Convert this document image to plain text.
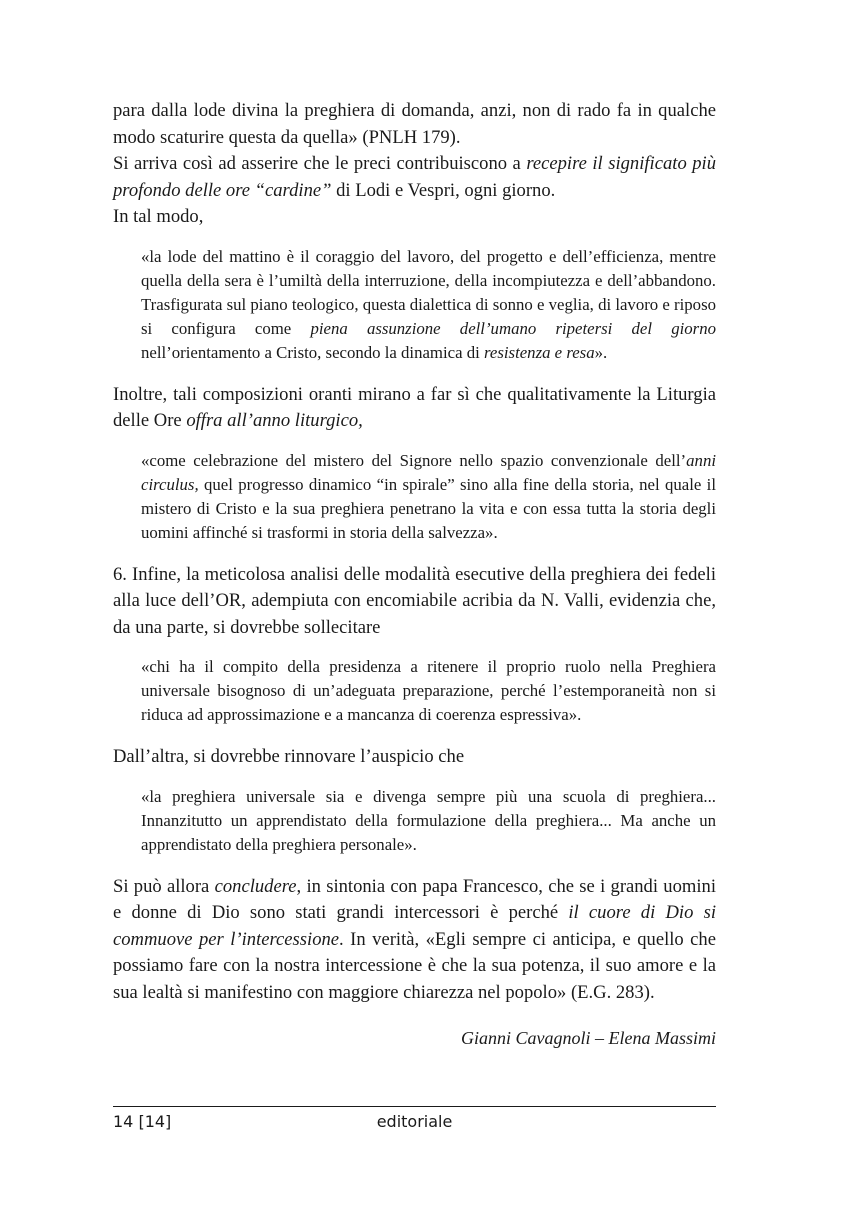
para dalla lode divina la preghiera di domanda, anzi, non di rado fa in qualche modo scaturire questa da quella» (PNLH 179).

Si arriva così ad asserire che le preci contribuiscono a recepire il significato più profondo delle ore “cardine” di Lodi e Vespri, ogni giorno.

In tal modo,

«la lode del mattino è il coraggio del lavoro, del progetto e dell’efficienza, mentre quella della sera è l’umiltà della interruzione, della incompiutezza e dell’abbandono. Trasfigurata sul piano teologico, questa dialettica di sonno e veglia, di lavoro e riposo si configura come piena assunzione dell’umano ripetersi del giorno nell’orientamento a Cristo, secondo la dinamica di resistenza e resa».

Inoltre, tali composizioni oranti mirano a far sì che qualitativamente la Liturgia delle Ore offra all’anno liturgico,

«come celebrazione del mistero del Signore nello spazio convenzionale dell’anni circulus, quel progresso dinamico “in spirale” sino alla fine della storia, nel quale il mistero di Cristo e la sua preghiera penetrano la vita e con essa tutta la storia degli uomini affinché si trasformi in storia della salvezza».

6. Infine, la meticolosa analisi delle modalità esecutive della preghiera dei fedeli alla luce dell’OR, adempiuta con encomiabile acribia da N. Valli, evidenzia che, da una parte, si dovrebbe sollecitare

«chi ha il compito della presidenza a ritenere il proprio ruolo nella Preghiera universale bisognoso di un’adeguata preparazione, perché l’estemporaneità non si riduca ad approssimazione e a mancanza di coerenza espressiva».

Dall’altra, si dovrebbe rinnovare l’auspicio che

«la preghiera universale sia e divenga sempre più una scuola di preghiera... Innanzitutto un apprendistato della formulazione della preghiera... Ma anche un apprendistato della preghiera personale».

Si può allora concludere, in sintonia con papa Francesco, che se i grandi uomini e donne di Dio sono stati grandi intercessori è perché il cuore di Dio si commuove per l’intercessione. In verità, «Egli sempre ci anticipa, e quello che possiamo fare con la nostra intercessione è che la sua potenza, il suo amore e la sua lealtà si manifestino con maggiore chiarezza nel popolo» (E.G. 283).

Gianni Cavagnoli – Elena Massimi

14 [14]	editoriale
